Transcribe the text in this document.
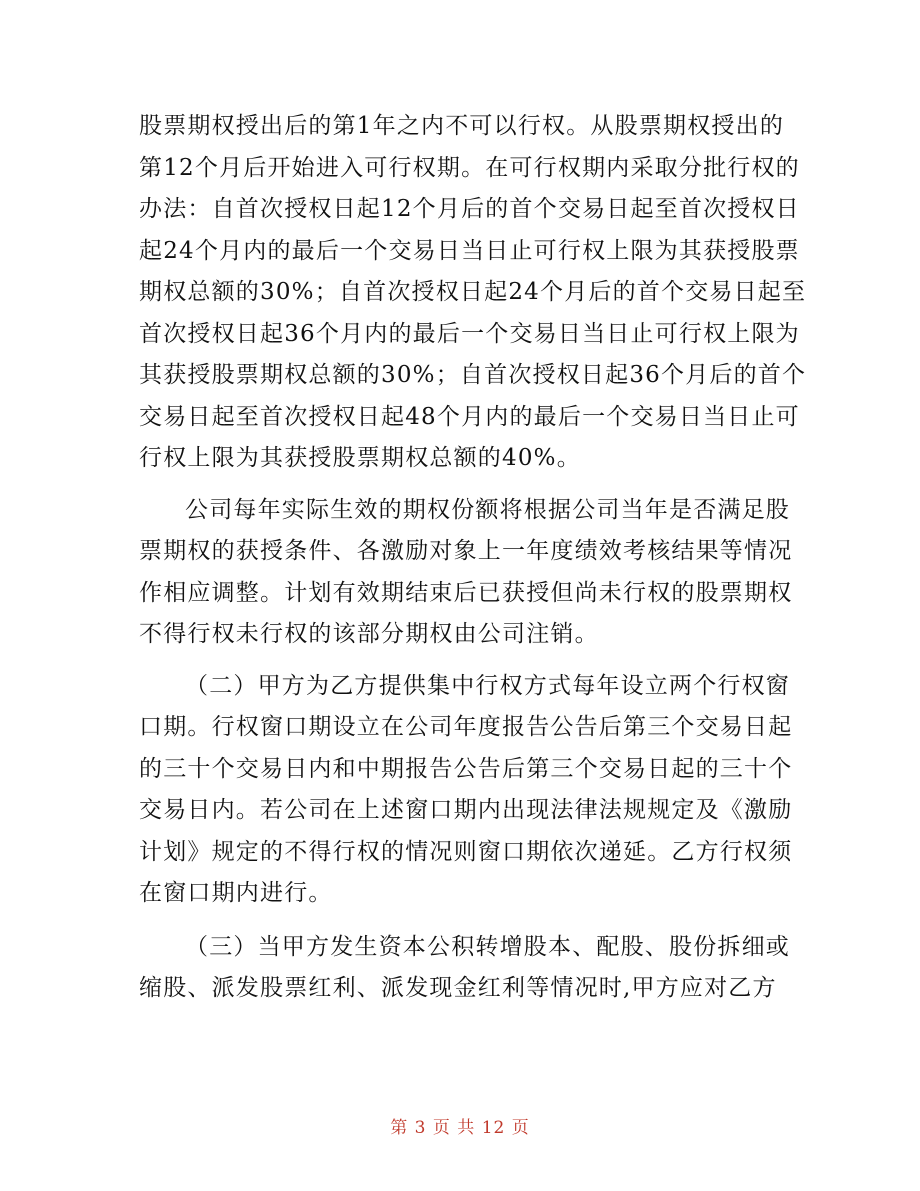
股票期权授出后的第1年之内不可以行权。从股票期权授出的
第12个月后开始进入可行权期。在可行权期内采取分批行权的
办法：自首次授权日起12个月后的首个交易日起至首次授权日
起24个月内的最后一个交易日当日止可行权上限为其获授股票
期权总额的30%；自首次授权日起24个月后的首个交易日起至
首次授权日起36个月内的最后一个交易日当日止可行权上限为
其获授股票期权总额的30%；自首次授权日起36个月后的首个
交易日起至首次授权日起48个月内的最后一个交易日当日止可
行权上限为其获授股票期权总额的40%。
公司每年实际生效的期权份额将根据公司当年是否满足股
票期权的获授条件、各激励对象上一年度绩效考核结果等情况
作相应调整。计划有效期结束后已获授但尚未行权的股票期权
不得行权未行权的该部分期权由公司注销。
（二）甲方为乙方提供集中行权方式每年设立两个行权窗
口期。行权窗口期设立在公司年度报告公告后第三个交易日起
的三十个交易日内和中期报告公告后第三个交易日起的三十个
交易日内。若公司在上述窗口期内出现法律法规规定及《激励
计划》规定的不得行权的情况则窗口期依次递延。乙方行权须
在窗口期内进行。
（三）当甲方发生资本公积转增股本、配股、股份拆细或
缩股、派发股票红利、派发现金红利等情况时,甲方应对乙方
第 3 页 共 12 页
